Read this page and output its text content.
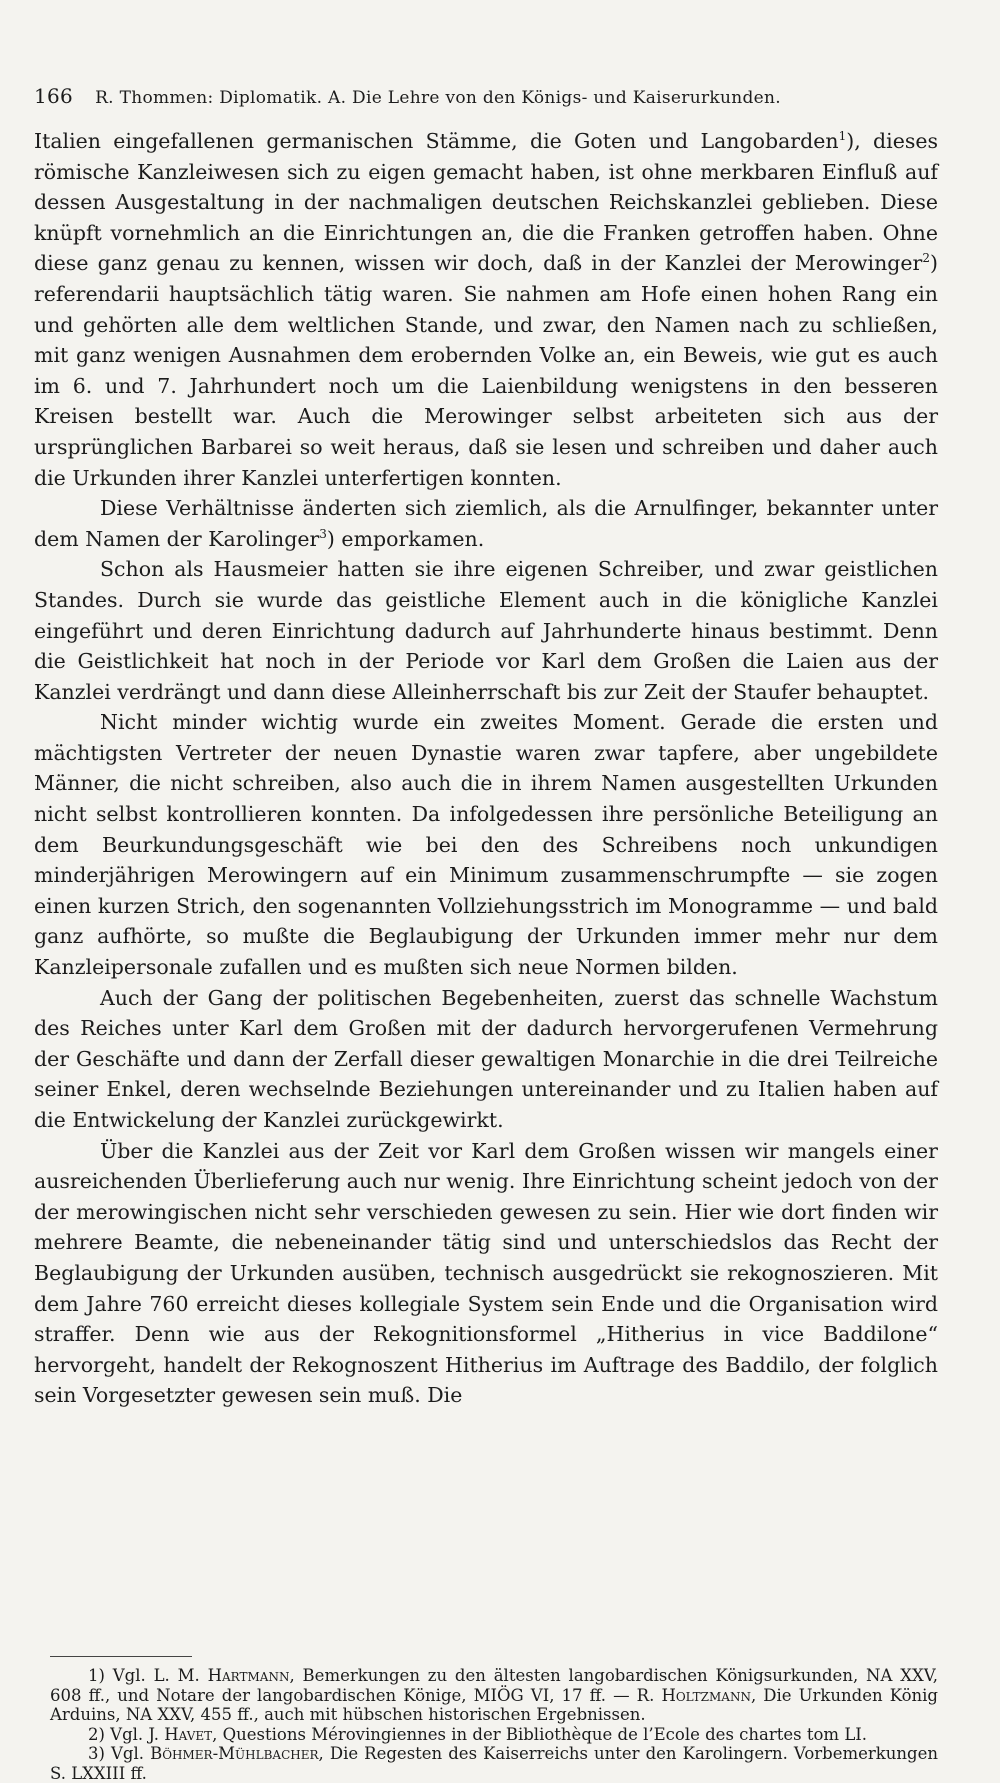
166 R. Thommen: Diplomatik. A. Die Lehre von den Königs- und Kaiserurkunden.

Italien eingefallenen germanischen Stämme, die Goten und Langobarden$^1$), dieses römische Kanzleiwesen sich zu eigen gemacht haben, ist ohne merkbaren Einfluß auf dessen Ausgestaltung in der nachmaligen deutschen Reichskanzlei geblieben. Diese knüpft vornehmlich an die Einrichtungen an, die die Franken getroffen haben. Ohne diese ganz genau zu kennen, wissen wir doch, daß in der Kanzlei der Merowinger$^2$) referendarii hauptsächlich tätig waren. Sie nahmen am Hofe einen hohen Rang ein und gehörten alle dem weltlichen Stande, und zwar, den Namen nach zu schließen, mit ganz wenigen Ausnahmen dem erobernden Volke an, ein Beweis, wie gut es auch im 6. und 7. Jahrhundert noch um die Laienbildung wenigstens in den besseren Kreisen bestellt war. Auch die Merowinger selbst arbeiteten sich aus der ursprünglichen Barbarei so weit heraus, daß sie lesen und schreiben und daher auch die Urkunden ihrer Kanzlei unterfertigen konnten.

Diese Verhältnisse änderten sich ziemlich, als die Arnulfinger, bekannter unter dem Namen der Karolinger$^3$) emporkamen.

Schon als Hausmeier hatten sie ihre eigenen Schreiber, und zwar geistlichen Standes. Durch sie wurde das geistliche Element auch in die königliche Kanzlei eingeführt und deren Einrichtung dadurch auf Jahrhunderte hinaus bestimmt. Denn die Geistlichkeit hat noch in der Periode vor Karl dem Großen die Laien aus der Kanzlei verdrängt und dann diese Alleinherrschaft bis zur Zeit der Staufer behauptet.

Nicht minder wichtig wurde ein zweites Moment. Gerade die ersten und mächtigsten Vertreter der neuen Dynastie waren zwar tapfere, aber ungebildete Männer, die nicht schreiben, also auch die in ihrem Namen ausgestellten Urkunden nicht selbst kontrollieren konnten. Da infolgedessen ihre persönliche Beteiligung an dem Beurkundungsgeschäft wie bei den des Schreibens noch unkundigen minderjährigen Merowingern auf ein Minimum zusammenschrumpfte — sie zogen einen kurzen Strich, den sogenannten Vollziehungsstrich im Monogramme — und bald ganz aufhörte, so mußte die Beglaubigung der Urkunden immer mehr nur dem Kanzleipersonale zufallen und es mußten sich neue Normen bilden.

Auch der Gang der politischen Begebenheiten, zuerst das schnelle Wachstum des Reiches unter Karl dem Großen mit der dadurch hervorgerufenen Vermehrung der Geschäfte und dann der Zerfall dieser gewaltigen Monarchie in die drei Teilreiche seiner Enkel, deren wechselnde Beziehungen untereinander und zu Italien haben auf die Entwickelung der Kanzlei zurückgewirkt.

Über die Kanzlei aus der Zeit vor Karl dem Großen wissen wir mangels einer ausreichenden Überlieferung auch nur wenig. Ihre Einrichtung scheint jedoch von der der merowingischen nicht sehr verschieden gewesen zu sein. Hier wie dort finden wir mehrere Beamte, die nebeneinander tätig sind und unterschiedslos das Recht der Beglaubigung der Urkunden ausüben, technisch ausgedrückt sie rekognoszieren. Mit dem Jahre 760 erreicht dieses kollegiale System sein Ende und die Organisation wird straffer. Denn wie aus der Rekognitionsformel „Hitherius in vice Baddilone“ hervorgeht, handelt der Rekognoszent Hitherius im Auftrage des Baddilo, der folglich sein Vorgesetzter gewesen sein muß. Die

1) Vgl. L. M. Hartmann, Bemerkungen zu den ältesten langobardischen Königsurkunden, NA XXV, 608 ff., und Notare der langobardischen Könige, MIÖG VI, 17 ff. — R. Holtzmann, Die Urkunden König Arduins, NA XXV, 455 ff., auch mit hübschen historischen Ergebnissen.

2) Vgl. J. Havet, Questions Mérovingiennes in der Bibliothèque de l’Ecole des chartes tom LI.

3) Vgl. Böhmer-Mühlbacher, Die Regesten des Kaiserreichs unter den Karolingern. Vorbemerkungen S. LXXIII ff.
